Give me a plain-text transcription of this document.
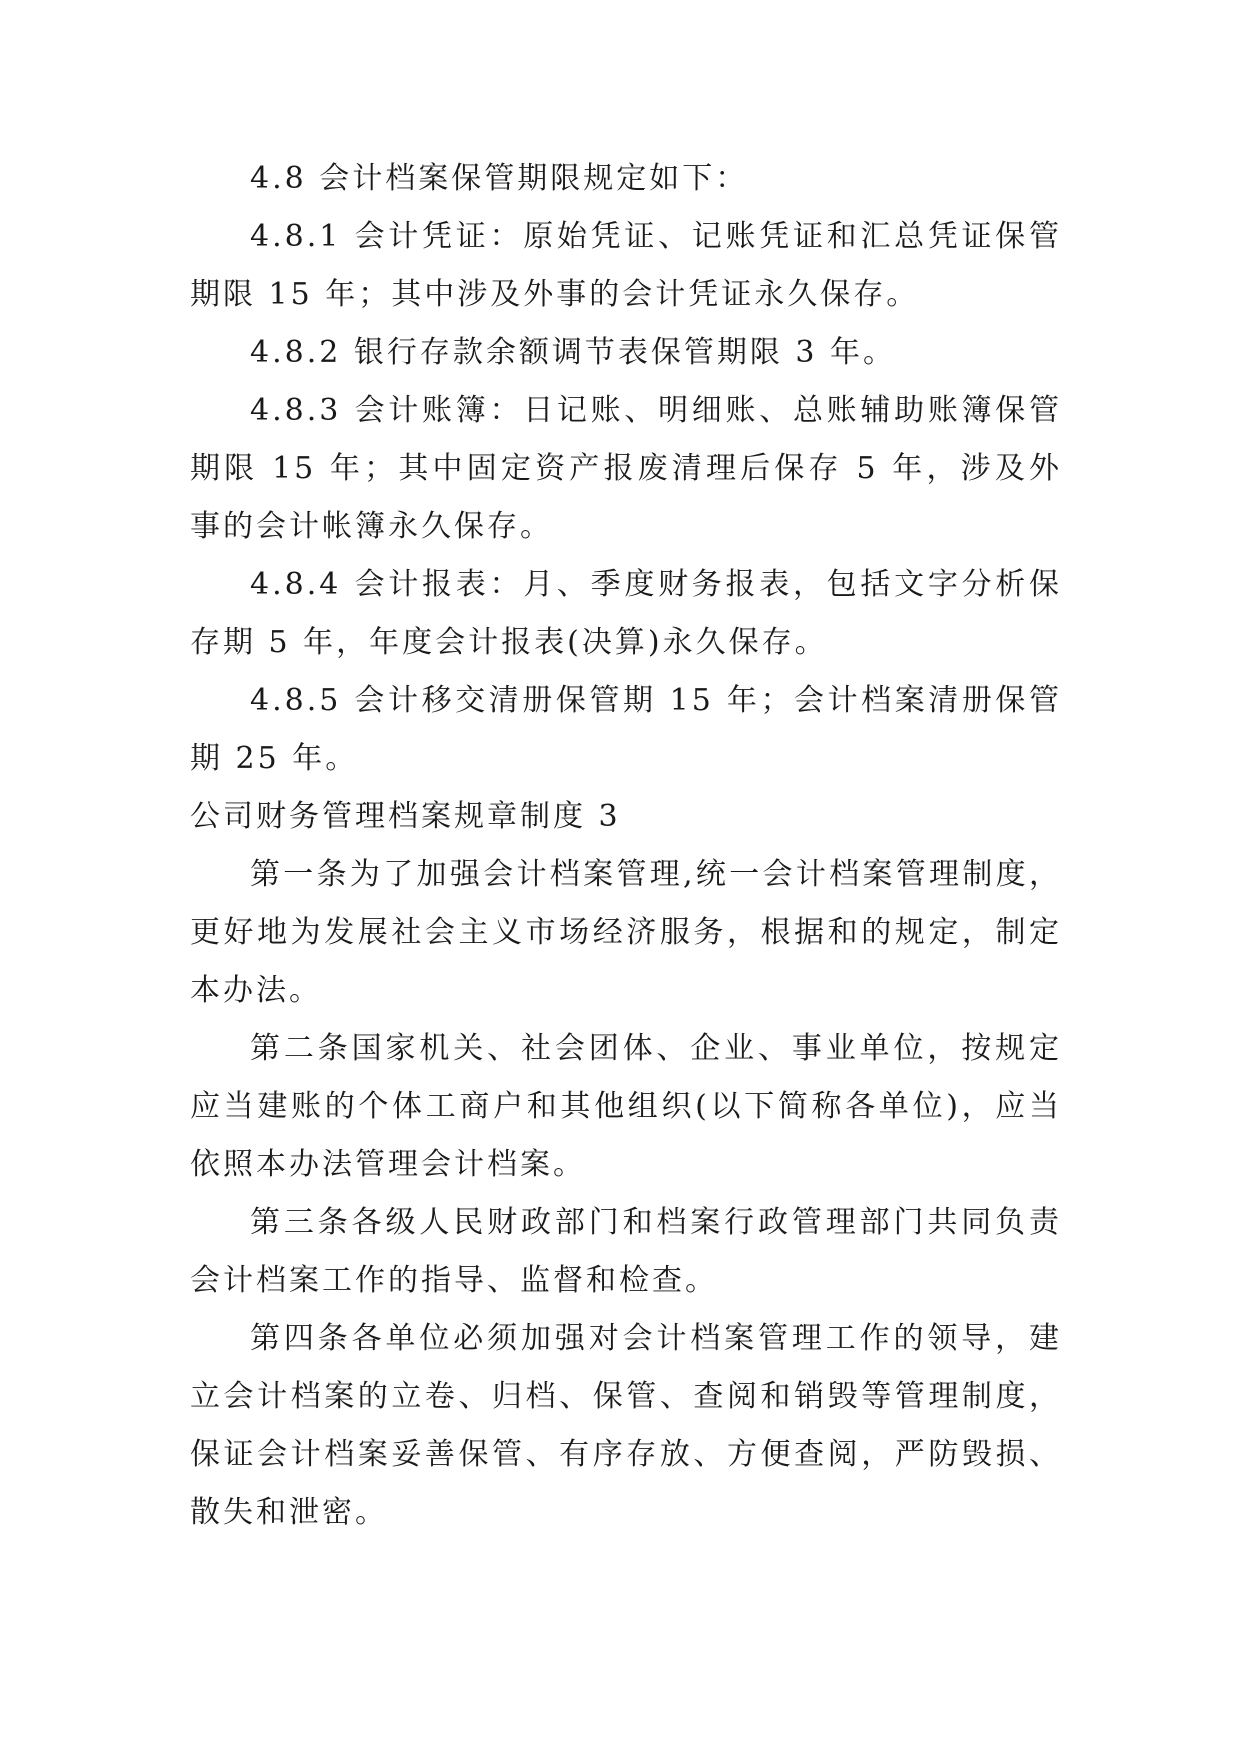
4.8 会计档案保管期限规定如下：

4.8.1 会计凭证：原始凭证、记账凭证和汇总凭证保管期限 15 年；其中涉及外事的会计凭证永久保存。

4.8.2 银行存款余额调节表保管期限 3 年。

4.8.3 会计账簿：日记账、明细账、总账辅助账簿保管期限 15 年；其中固定资产报废清理后保存 5 年，涉及外事的会计帐簿永久保存。

4.8.4 会计报表：月、季度财务报表，包括文字分析保存期 5 年，年度会计报表(决算)永久保存。

4.8.5 会计移交清册保管期 15 年；会计档案清册保管期 25 年。

公司财务管理档案规章制度 3

第一条为了加强会计档案管理,统一会计档案管理制度，更好地为发展社会主义市场经济服务，根据和的规定，制定本办法。

第二条国家机关、社会团体、企业、事业单位，按规定应当建账的个体工商户和其他组织(以下简称各单位)，应当依照本办法管理会计档案。

第三条各级人民财政部门和档案行政管理部门共同负责会计档案工作的指导、监督和检查。

第四条各单位必须加强对会计档案管理工作的领导，建立会计档案的立卷、归档、保管、查阅和销毁等管理制度，保证会计档案妥善保管、有序存放、方便查阅，严防毁损、散失和泄密。
